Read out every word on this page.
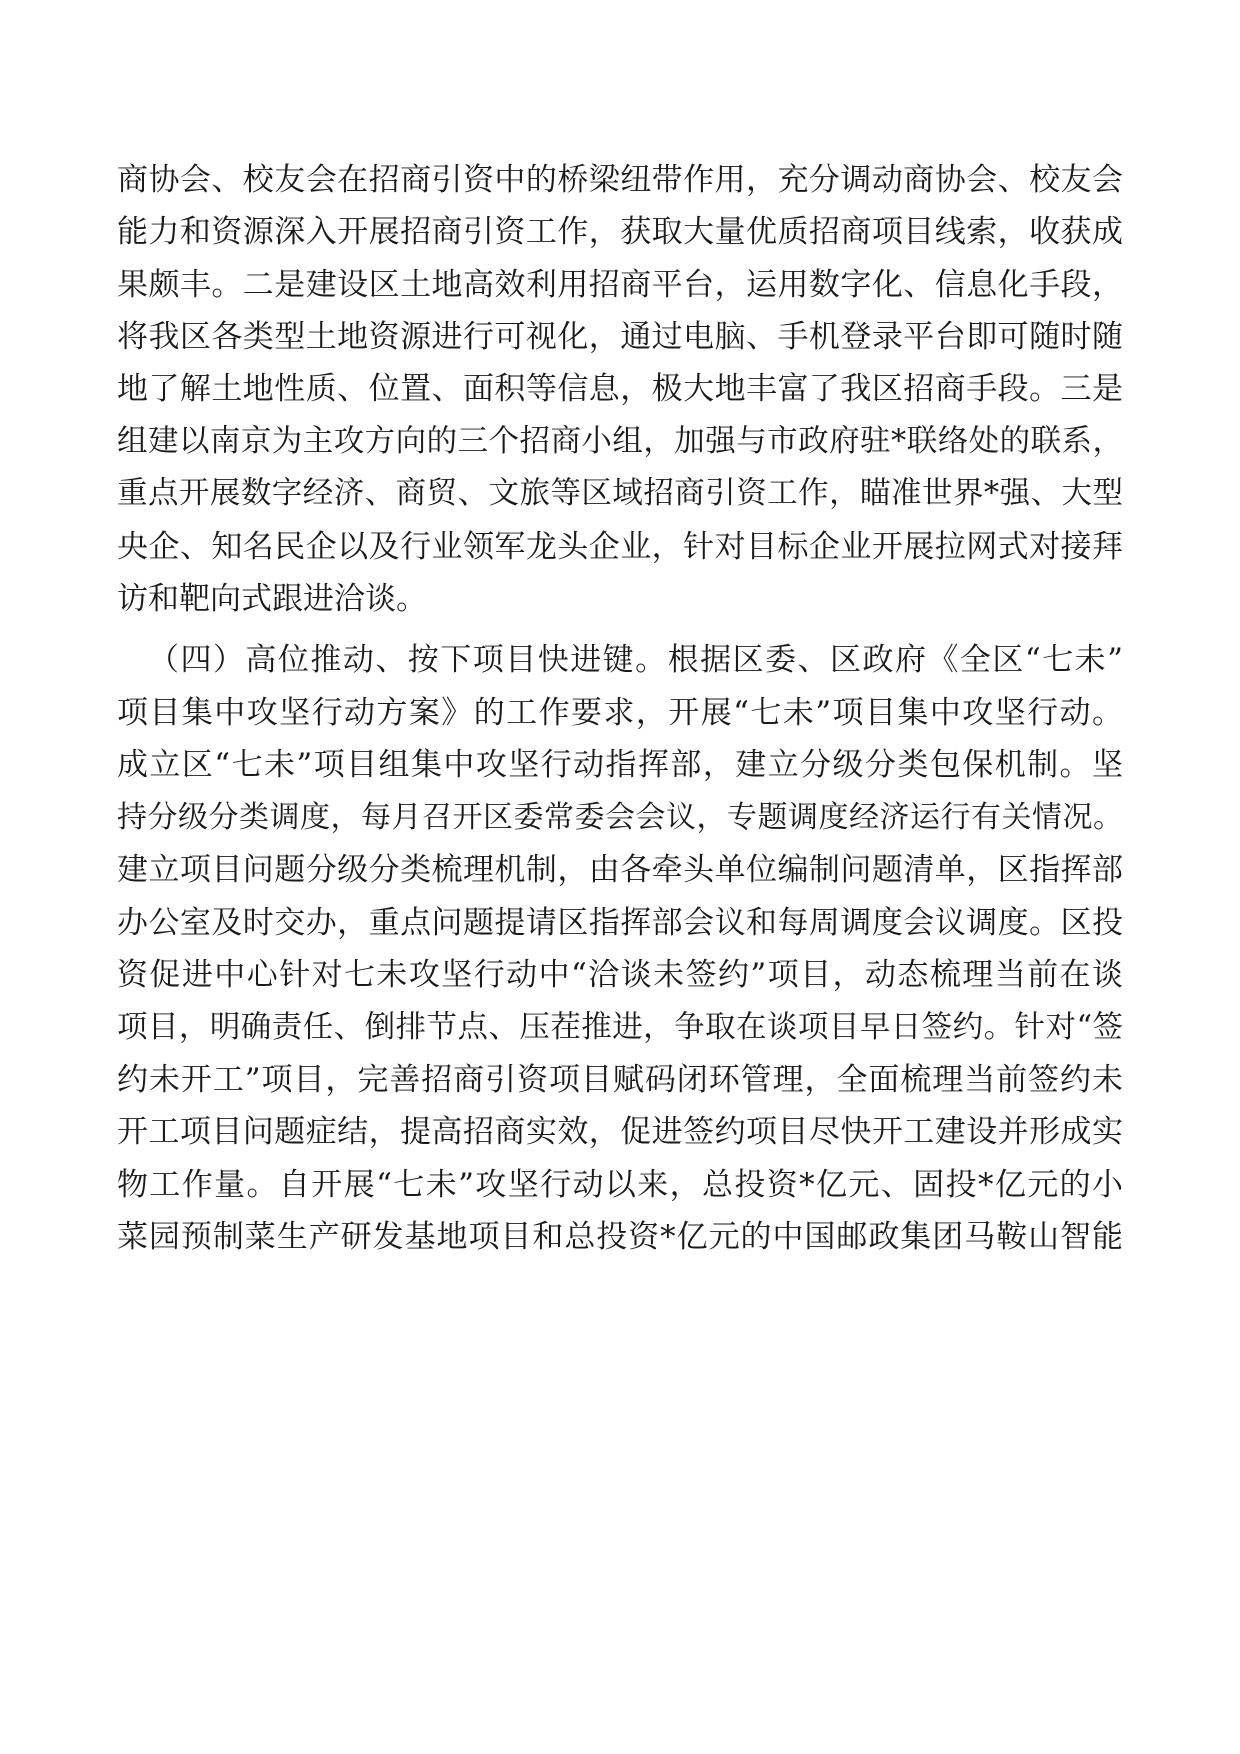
商协会、校友会在招商引资中的桥梁纽带作用，充分调动商协会、校友会
能力和资源深入开展招商引资工作，获取大量优质招商项目线索，收获成
果颇丰。二是建设区土地高效利用招商平台，运用数字化、信息化手段，
将我区各类型土地资源进行可视化，通过电脑、手机登录平台即可随时随
地了解土地性质、位置、面积等信息，极大地丰富了我区招商手段。三是
组建以南京为主攻方向的三个招商小组，加强与市政府驻*联络处的联系，
重点开展数字经济、商贸、文旅等区域招商引资工作，瞄准世界*强、大型
央企、知名民企以及行业领军龙头企业，针对目标企业开展拉网式对接拜
访和靶向式跟进洽谈。
（四）高位推动、按下项目快进键。根据区委、区政府《全区“七未”
项目集中攻坚行动方案》的工作要求，开展“七未”项目集中攻坚行动。
成立区“七未”项目组集中攻坚行动指挥部，建立分级分类包保机制。坚
持分级分类调度，每月召开区委常委会会议，专题调度经济运行有关情况。
建立项目问题分级分类梳理机制，由各牵头单位编制问题清单，区指挥部
办公室及时交办，重点问题提请区指挥部会议和每周调度会议调度。区投
资促进中心针对七未攻坚行动中“洽谈未签约”项目，动态梳理当前在谈
项目，明确责任、倒排节点、压茬推进，争取在谈项目早日签约。针对“签
约未开工”项目，完善招商引资项目赋码闭环管理，全面梳理当前签约未
开工项目问题症结，提高招商实效，促进签约项目尽快开工建设并形成实
物工作量。自开展“七未”攻坚行动以来，总投资*亿元、固投*亿元的小
菜园预制菜生产研发基地项目和总投资*亿元的中国邮政集团马鞍山智能
